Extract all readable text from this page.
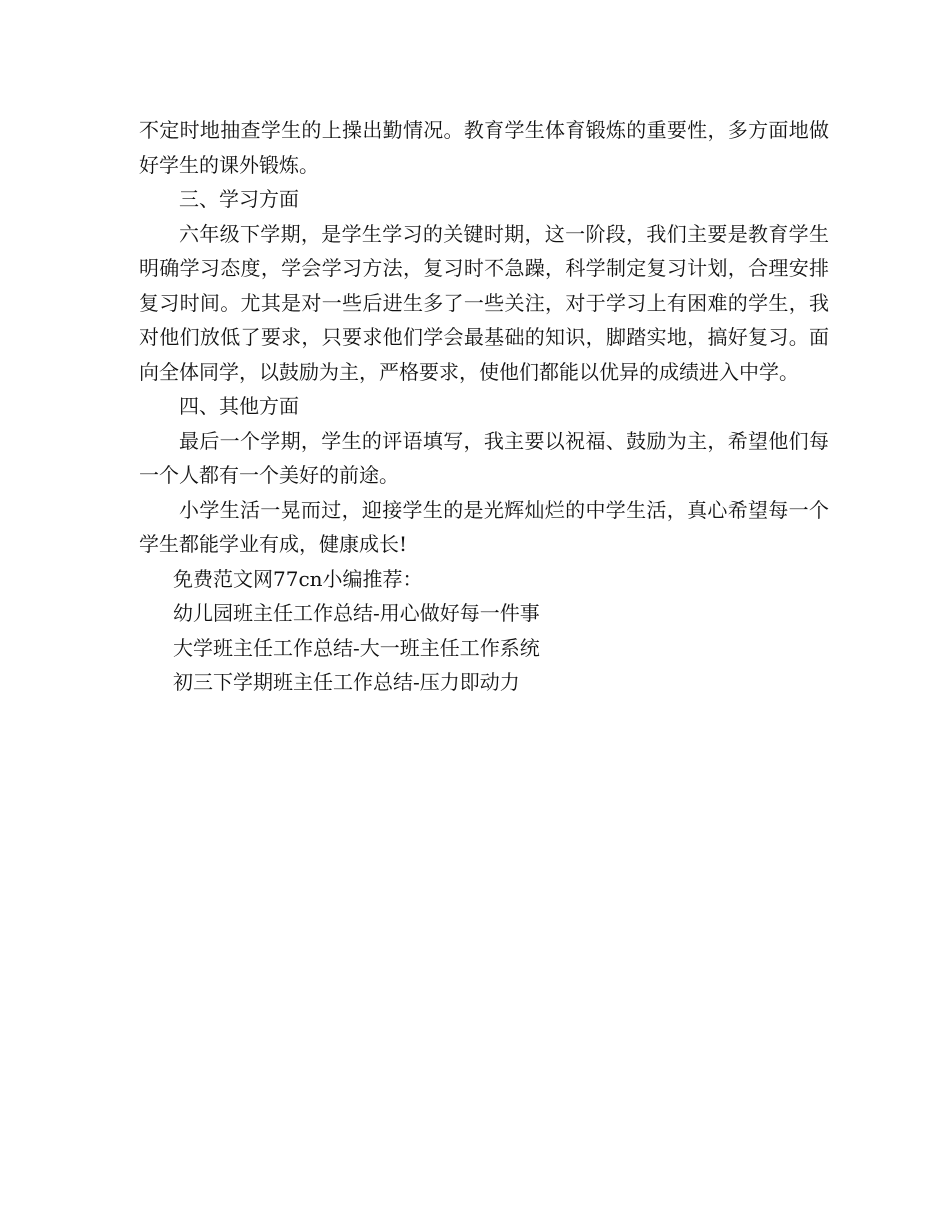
不定时地抽查学生的上操出勤情况。教育学生体育锻炼的重要性，多方面地做好学生的课外锻炼。

三、学习方面

六年级下学期，是学生学习的关键时期，这一阶段，我们主要是教育学生明确学习态度，学会学习方法，复习时不急躁，科学制定复习计划，合理安排复习时间。尤其是对一些后进生多了一些关注，对于学习上有困难的学生，我对他们放低了要求，只要求他们学会最基础的知识，脚踏实地，搞好复习。面向全体同学，以鼓励为主，严格要求，使他们都能以优异的成绩进入中学。

四、其他方面

最后一个学期，学生的评语填写，我主要以祝福、鼓励为主，希望他们每一个人都有一个美好的前途。

小学生活一晃而过，迎接学生的是光辉灿烂的中学生活，真心希望每一个学生都能学业有成，健康成长!

免费范文网77cn小编推荐：

幼儿园班主任工作总结-用心做好每一件事

大学班主任工作总结-大一班主任工作系统

初三下学期班主任工作总结-压力即动力
